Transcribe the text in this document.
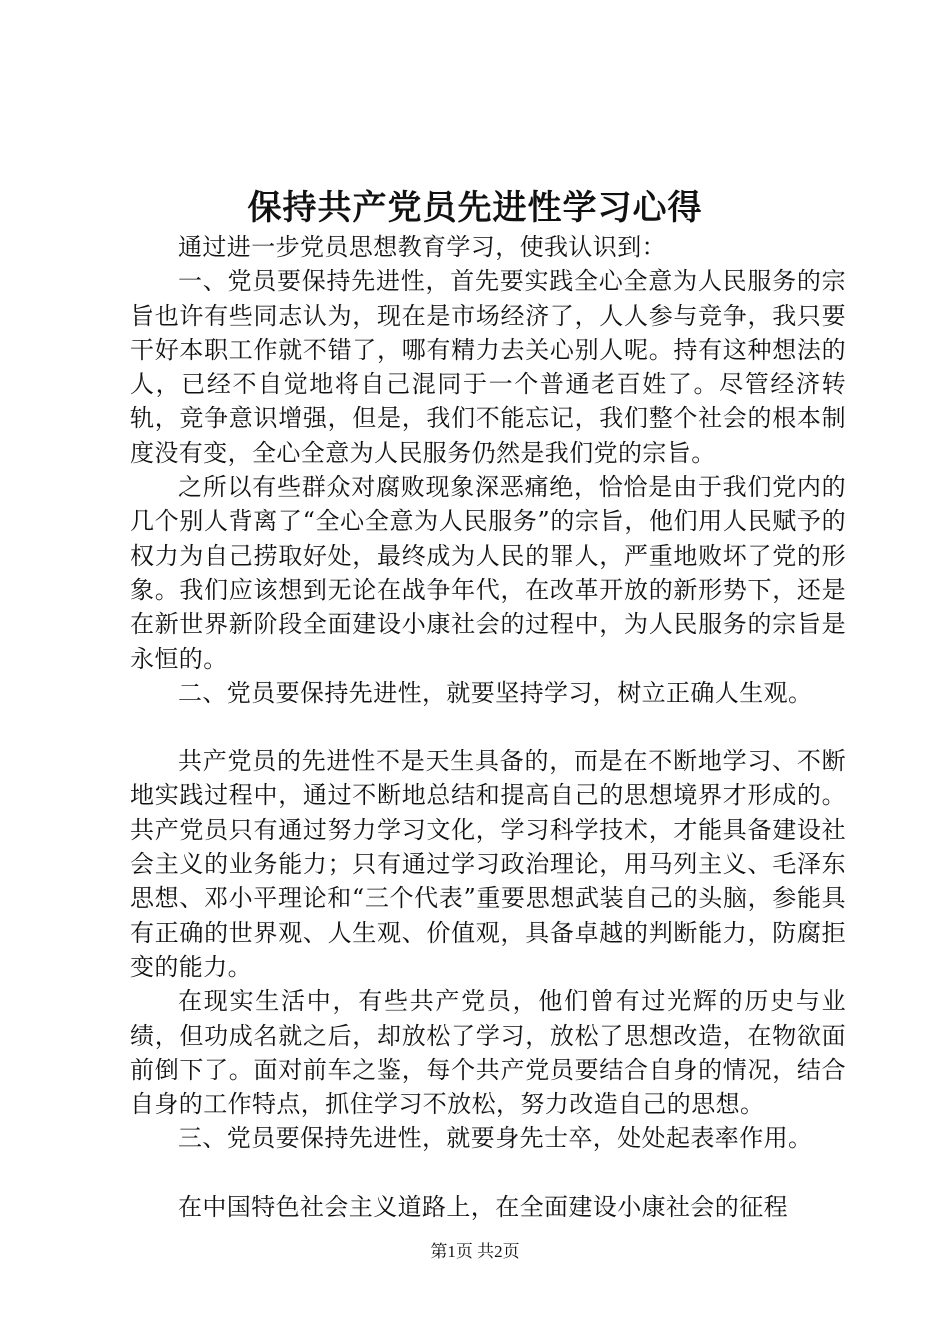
保持共产党员先进性学习心得

通过进一步党员思想教育学习，使我认识到：

一、党员要保持先进性，首先要实践全心全意为人民服务的宗旨也许有些同志认为，现在是市场经济了，人人参与竞争，我只要干好本职工作就不错了，哪有精力去关心别人呢。持有这种想法的人，已经不自觉地将自己混同于一个普通老百姓了。尽管经济转轨，竞争意识增强，但是，我们不能忘记，我们整个社会的根本制度没有变，全心全意为人民服务仍然是我们党的宗旨。

之所以有些群众对腐败现象深恶痛绝，恰恰是由于我们党内的几个别人背离了“全心全意为人民服务”的宗旨，他们用人民赋予的权力为自己捞取好处，最终成为人民的罪人，严重地败坏了党的形象。我们应该想到无论在战争年代，在改革开放的新形势下，还是在新世界新阶段全面建设小康社会的过程中，为人民服务的宗旨是永恒的。

二、党员要保持先进性，就要坚持学习，树立正确人生观。

共产党员的先进性不是天生具备的，而是在不断地学习、不断地实践过程中，通过不断地总结和提高自己的思想境界才形成的。共产党员只有通过努力学习文化，学习科学技术，才能具备建设社会主义的业务能力；只有通过学习政治理论，用马列主义、毛泽东思想、邓小平理论和“三个代表”重要思想武装自己的头脑，参能具有正确的世界观、人生观、价值观，具备卓越的判断能力，防腐拒变的能力。

在现实生活中，有些共产党员，他们曾有过光辉的历史与业绩，但功成名就之后，却放松了学习，放松了思想改造，在物欲面前倒下了。面对前车之鉴，每个共产党员要结合自身的情况，结合自身的工作特点，抓住学习不放松，努力改造自己的思想。

三、党员要保持先进性，就要身先士卒，处处起表率作用。

在中国特色社会主义道路上，在全面建设小康社会的征程

第1页 共2页
